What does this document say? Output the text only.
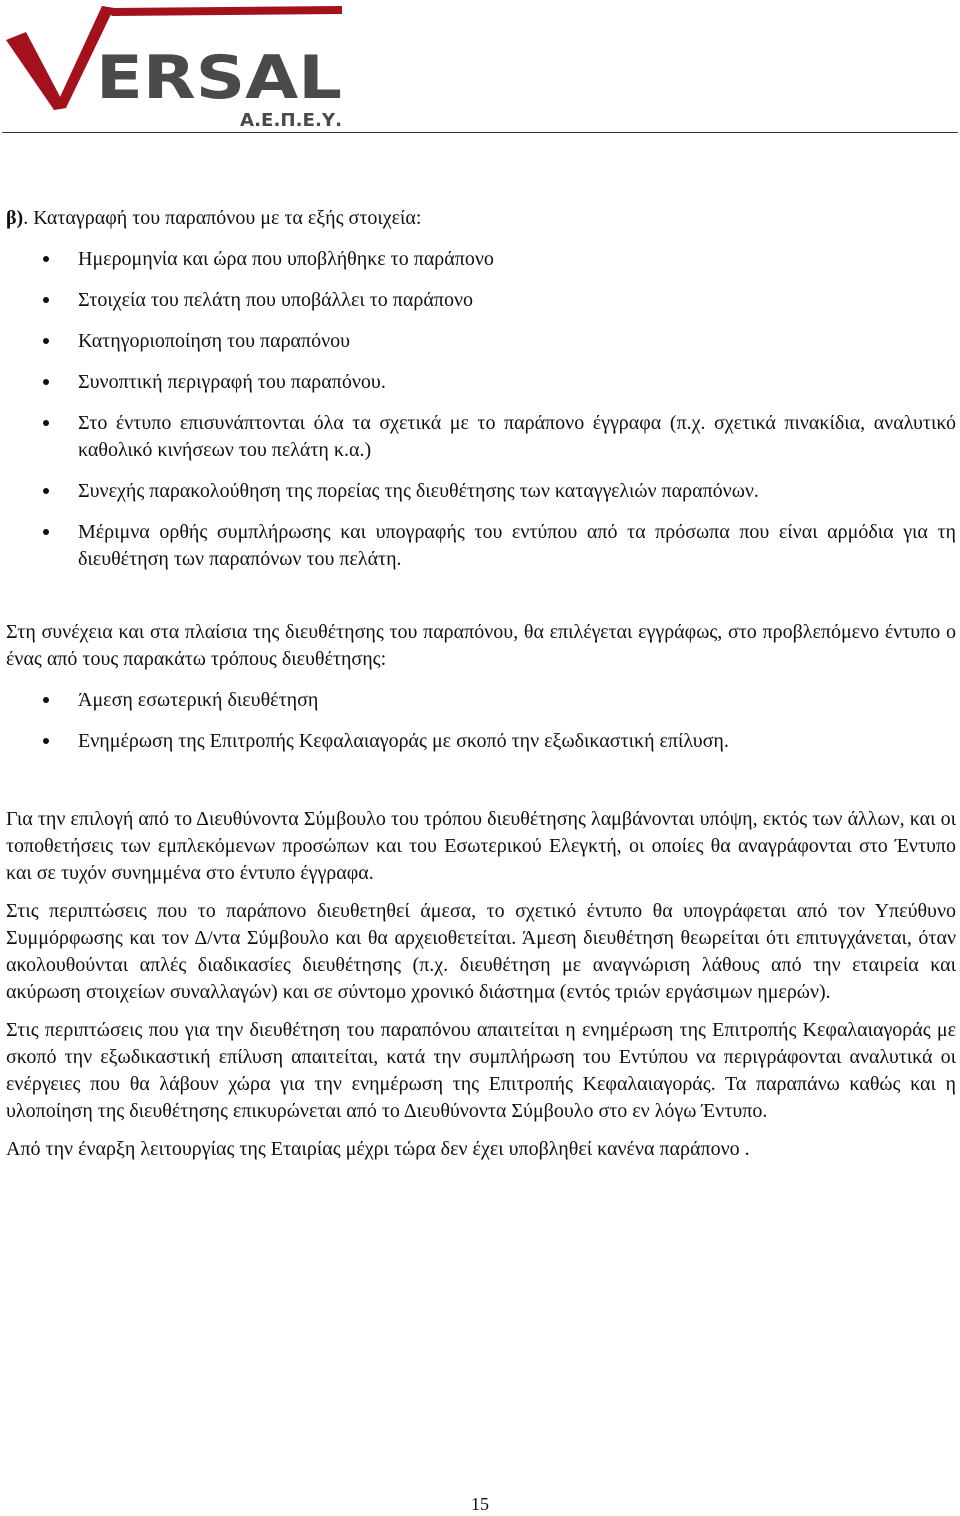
ERSAL
Α.Ε.Π.Ε.Υ.
β). Καταγραφή του παραπόνου με τα εξής στοιχεία:
Ημερομηνία και ώρα που υποβλήθηκε το παράπονο
Στοιχεία του πελάτη που υποβάλλει το παράπονο
Κατηγοριοποίηση του παραπόνου
Συνοπτική περιγραφή του παραπόνου.
Στο έντυπο επισυνάπτονται όλα τα σχετικά με το παράπονο έγγραφα (π.χ. σχετικά πινακίδια, αναλυτικό καθολικό κινήσεων του πελάτη κ.α.)
Συνεχής παρακολούθηση της πορείας της διευθέτησης των καταγγελιών παραπόνων.
Μέριμνα ορθής συμπλήρωσης και υπογραφής του εντύπου από τα πρόσωπα που είναι αρμόδια για τη διευθέτηση των παραπόνων του πελάτη.

Στη συνέχεια και στα πλαίσια της διευθέτησης του παραπόνου, θα επιλέγεται εγγράφως, στο προβλεπόμενο έντυπο ο ένας από τους παρακάτω τρόπους διευθέτησης:

Άμεση εσωτερική διευθέτηση
Ενημέρωση της Επιτροπής Κεφαλαιαγοράς με σκοπό την εξωδικαστική επίλυση.

Για την επιλογή από το Διευθύνοντα Σύμβουλο του τρόπου διευθέτησης λαμβάνονται υπόψη, εκτός των άλλων, και οι τοποθετήσεις των εμπλεκόμενων προσώπων και του Εσωτερικού Ελεγκτή, οι οποίες θα αναγράφονται στο Έντυπο και σε τυχόν συνημμένα στο έντυπο έγγραφα.

Στις περιπτώσεις που το παράπονο διευθετηθεί άμεσα, το σχετικό έντυπο θα υπογράφεται από τον Υπεύθυνο Συμμόρφωσης και τον Δ/ντα Σύμβουλο και θα αρχειοθετείται. Άμεση διευθέτηση θεωρείται ότι επιτυγχάνεται, όταν ακολουθούνται απλές διαδικασίες διευθέτησης (π.χ. διευθέτηση με αναγνώριση λάθους από την εταιρεία και ακύρωση στοιχείων συναλλαγών) και σε σύντομο χρονικό διάστημα (εντός τριών εργάσιμων ημερών).

Στις περιπτώσεις που για την διευθέτηση του παραπόνου απαιτείται η ενημέρωση της Επιτροπής Κεφαλαιαγοράς με σκοπό την εξωδικαστική επίλυση απαιτείται, κατά την συμπλήρωση του Εντύπου να περιγράφονται αναλυτικά οι ενέργειες που θα λάβουν χώρα για την ενημέρωση της Επιτροπής Κεφαλαιαγοράς. Τα παραπάνω καθώς και η υλοποίηση της διευθέτησης επικυρώνεται από το Διευθύνοντα Σύμβουλο στο εν λόγω Έντυπο.

Από την έναρξη λειτουργίας της Εταιρίας μέχρι τώρα δεν έχει υποβληθεί κανένα παράπονο .

15
